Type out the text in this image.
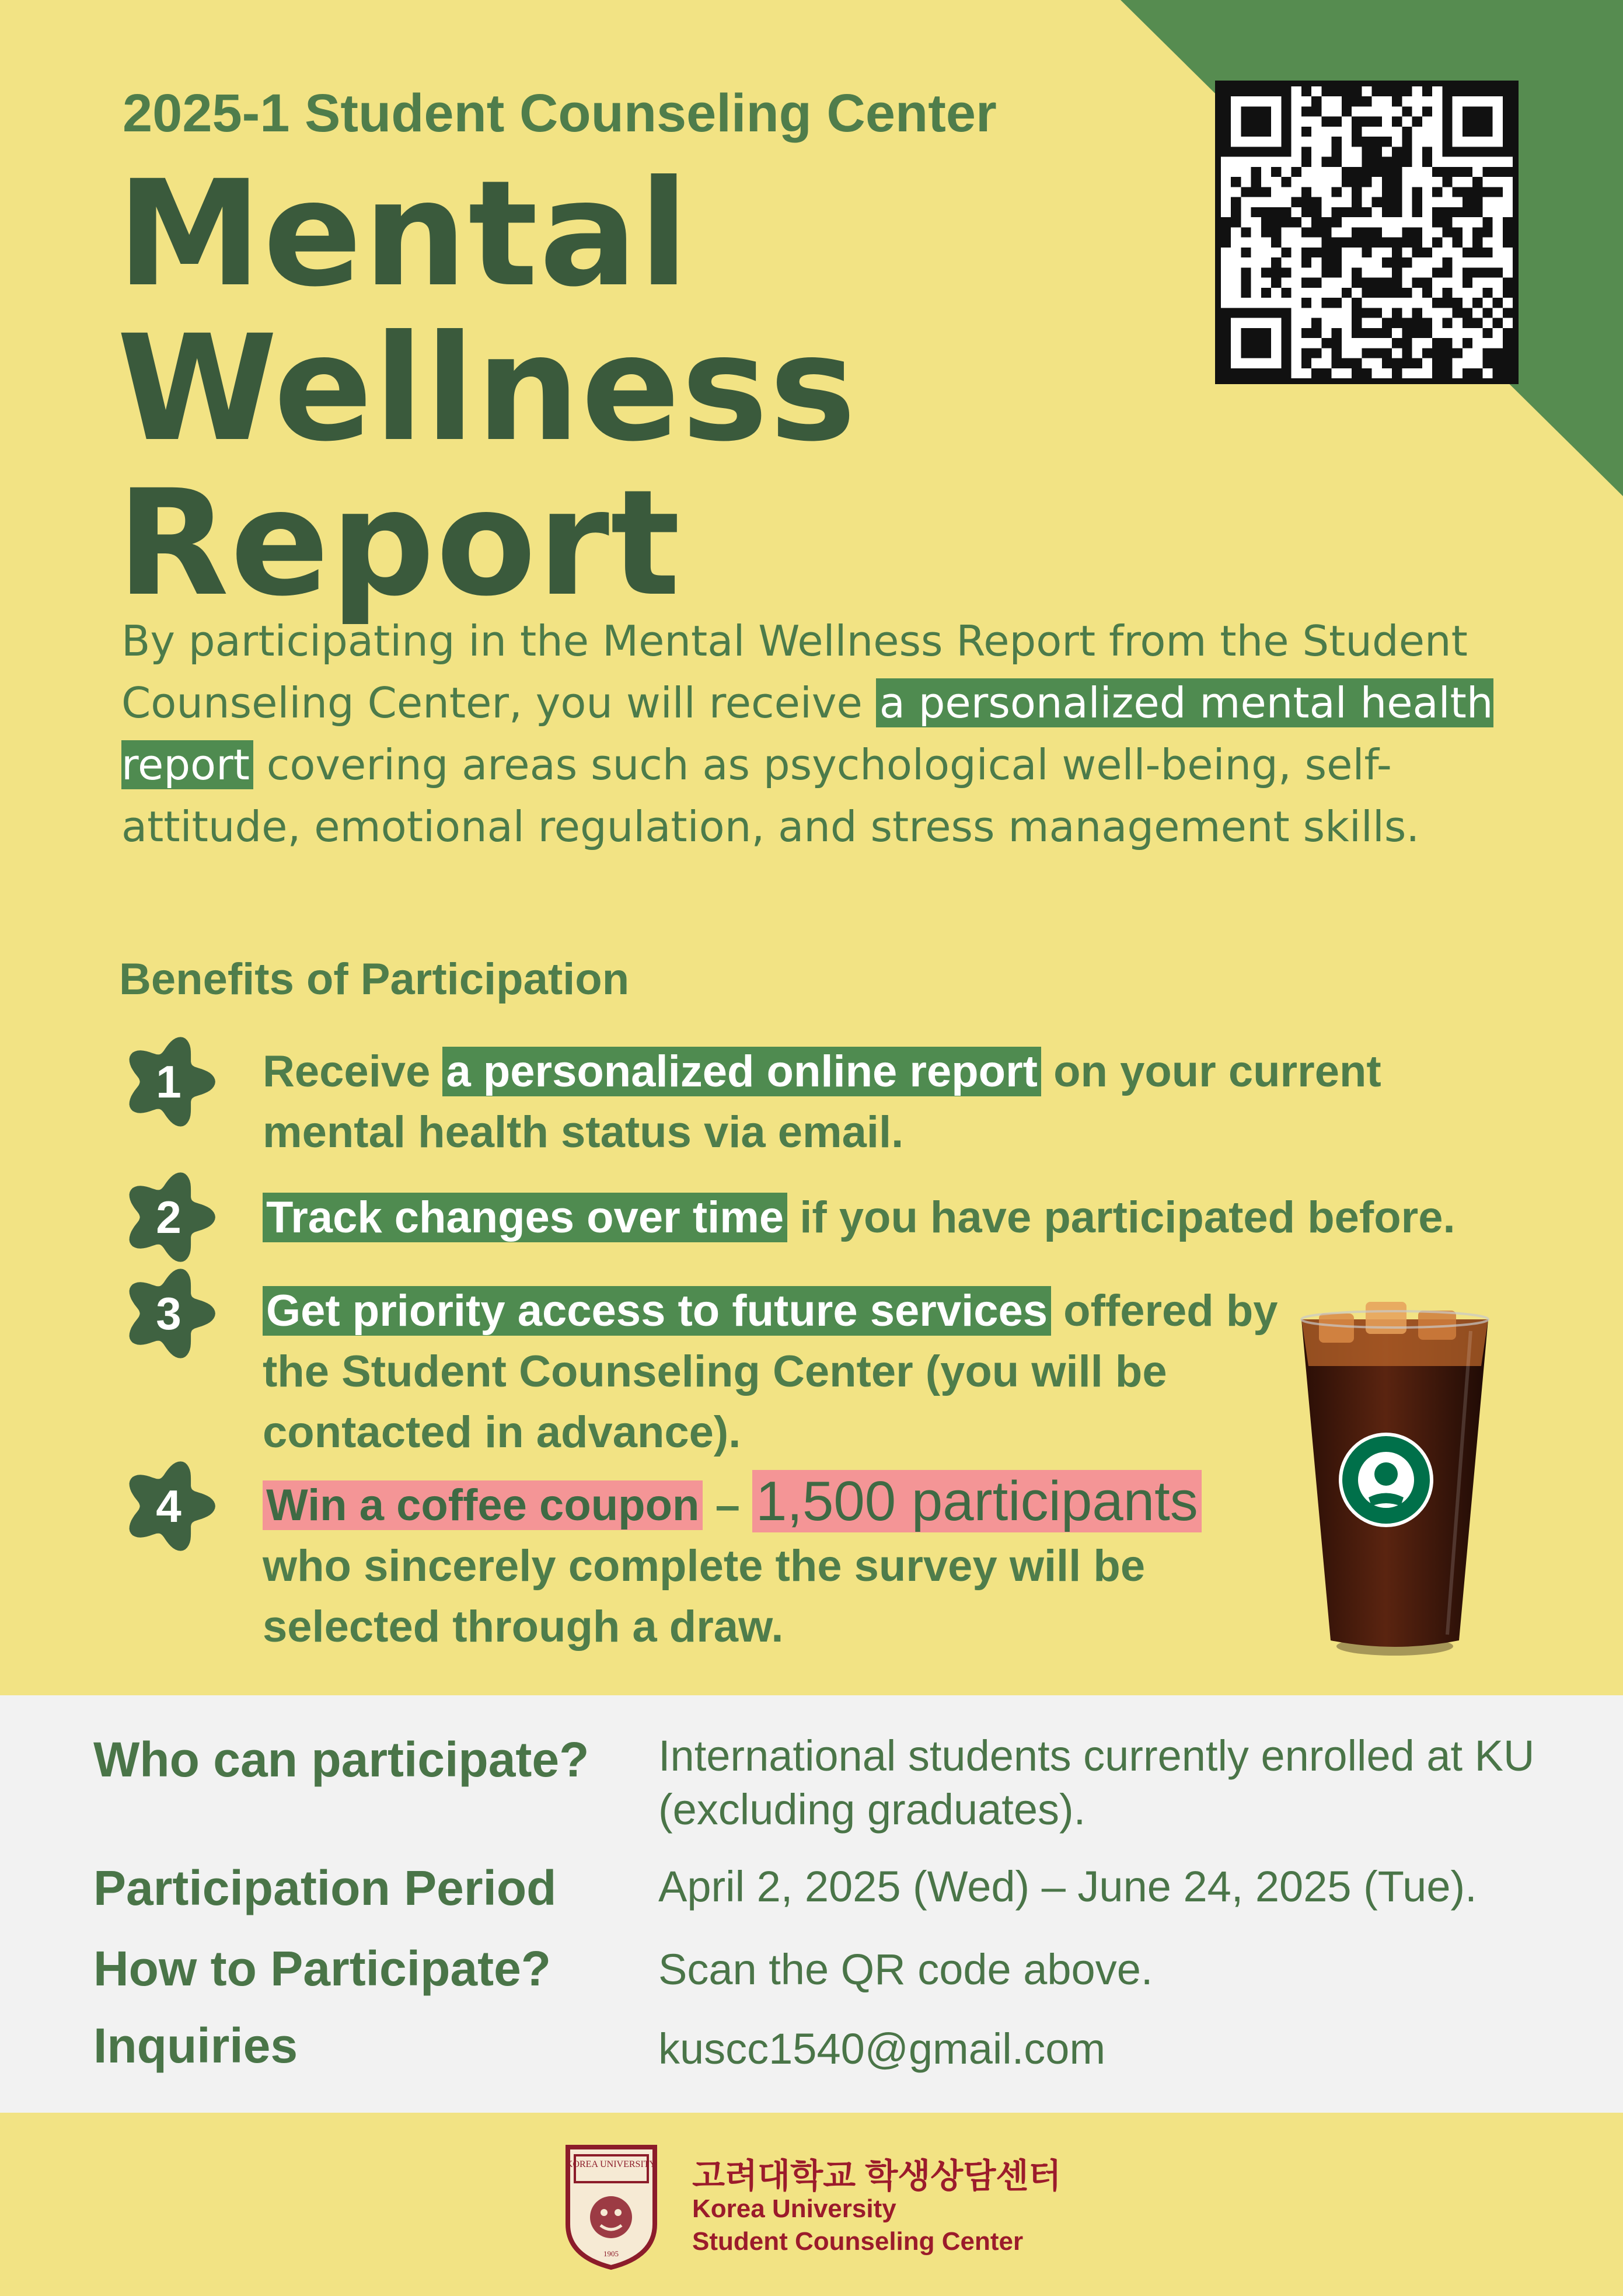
2025-1 Student Counseling Center
Mental
Wellness
Report
By participating in the Mental Wellness Report from the Student Counseling Center, you will receive a personalized mental health report covering areas such as psychological well-being, self-attitude, emotional regulation, and stress management skills.
Benefits of Participation
1
2
3
4
Receive a personalized online report on your current mental health status via email.
Track changes over time if you have participated before.
Get priority access to future services offered by the Student Counseling Center (you will be contacted in advance).
Win a coffee coupon – 1,500 participants who sincerely complete the survey will be selected through a draw.
Who can participate? International students currently enrolled at KU (excluding graduates).
Participation Period April 2, 2025 (Wed) – June 24, 2025 (Tue).
How to Participate? Scan the QR code above.
Inquiries	kuscc1540@gmail.com
KOREA UNIVERSITY
1905
고려대학교 학생상담센터
Korea University
Student Counseling Center
